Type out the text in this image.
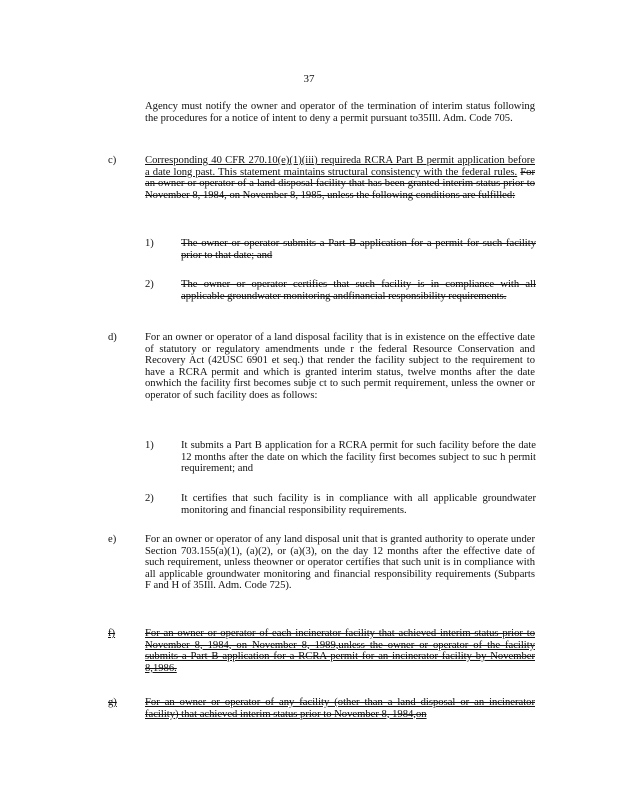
37
Agency must notify the owner and operator of the termination of interim status following the procedures for a notice of intent to deny a permit pursuant to35Ill. Adm. Code 705.
c)	Corresponding 40 CFR 270.10(e)(1)(iii) requireda RCRA Part B permit application before a date long past. This statement maintains structural consistency with the federal rules. For an owner or operator of a land disposal facility that has been granted interim status prior to November 8, 1984, on November 8, 1985, unless the following conditions are fulfilled:
1)	The owner or operator submits a Part B application for a permit for such facility prior to that date; and
2)	The owner or operator certifies that such facility is in compliance with all applicable groundwater monitoring andfinancial responsibility requirements.
d)	For an owner or operator of a land disposal facility that is in existence on the effective date of statutory or regulatory amendments unde r the federal Resource Conservation and Recovery Act (42USC 6901 et seq.) that render the facility subject to the requirement to have a RCRA permit and which is granted interim status, twelve months after the date onwhich the facility first becomes subje ct to such permit requirement, unless the owner or operator of such facility does as follows:
1)	It submits a Part B application for a RCRA permit for such facility before the date 12 months after the date on which the facility first becomes subject to suc h permit requirement; and
2)	It certifies that such facility is in compliance with all applicable groundwater monitoring and financial responsibility requirements.
e)	For an owner or operator of any land disposal unit that is granted authority to operate under Section 703.155(a)(1), (a)(2), or (a)(3), on the day 12 months after the effective date of such requirement, unless theowner or operator certifies that such unit is in compliance with all applicable groundwater monitoring and financial responsibility requirements (Subparts F and H of 35Ill. Adm. Code 725).
f)	For an owner or operator of each incinerator facility that achieved interim status prior to November 8, 1984, on November 8, 1989,unless the owner or operator of the facility submits a Part B application for a RCRA permit for an incinerator facility by November 8,1986.
g)	For an owner or operator of any facility (other than a land disposal or an incinerator facility) that achieved interim status prior to November 8, 1984,on
